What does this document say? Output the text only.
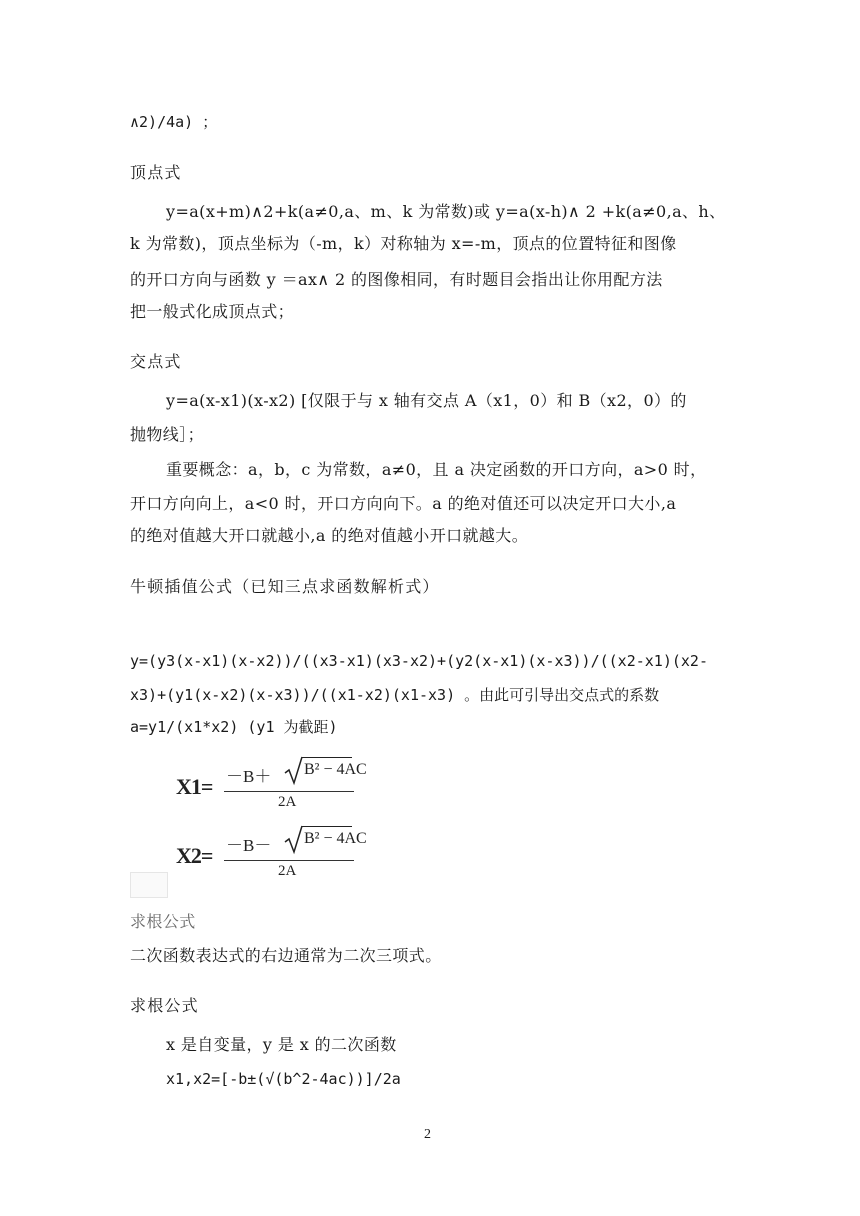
∧2)/4a) ；
顶点式
y=a(x+m)∧2+k(a≠0,a、m、k 为常数)或 y=a(x-h)∧ 2 +k(a≠0,a、h、
k 为常数)，顶点坐标为（-m，k）对称轴为 x=-m，顶点的位置特征和图像
的开口方向与函数 y ＝ax∧ 2 的图像相同，有时题目会指出让你用配方法
把一般式化成顶点式；
交点式
y=a(x-x1)(x-x2) [仅限于与 x 轴有交点 A（x1，0）和 B（x2，0）的
抛物线］；
重要概念：a，b，c 为常数，a≠0，且 a 决定函数的开口方向，a>0 时，
开口方向向上，a<0 时，开口方向向下。a 的绝对值还可以决定开口大小,a
的绝对值越大开口就越小,a 的绝对值越小开口就越大。
牛顿插值公式（已知三点求函数解析式）
y=(y3(x-x1)(x-x2))/((x3-x1)(x3-x2)+(y2(x-x1)(x-x3))/((x2-x1)(x2-
x3)+(y1(x-x2)(x-x3))/((x1-x2)(x1-x3) 。由此可引导出交点式的系数
a=y1/(x1*x2) (y1 为截距)
X1= －B＋ B² − 4AC
2A
X2= －B－ B² − 4AC
2A
求根公式
二次函数表达式的右边通常为二次三项式。
求根公式
x 是自变量，y 是 x 的二次函数
x1,x2=[-b±(√(b^2-4ac))]/2a
2
